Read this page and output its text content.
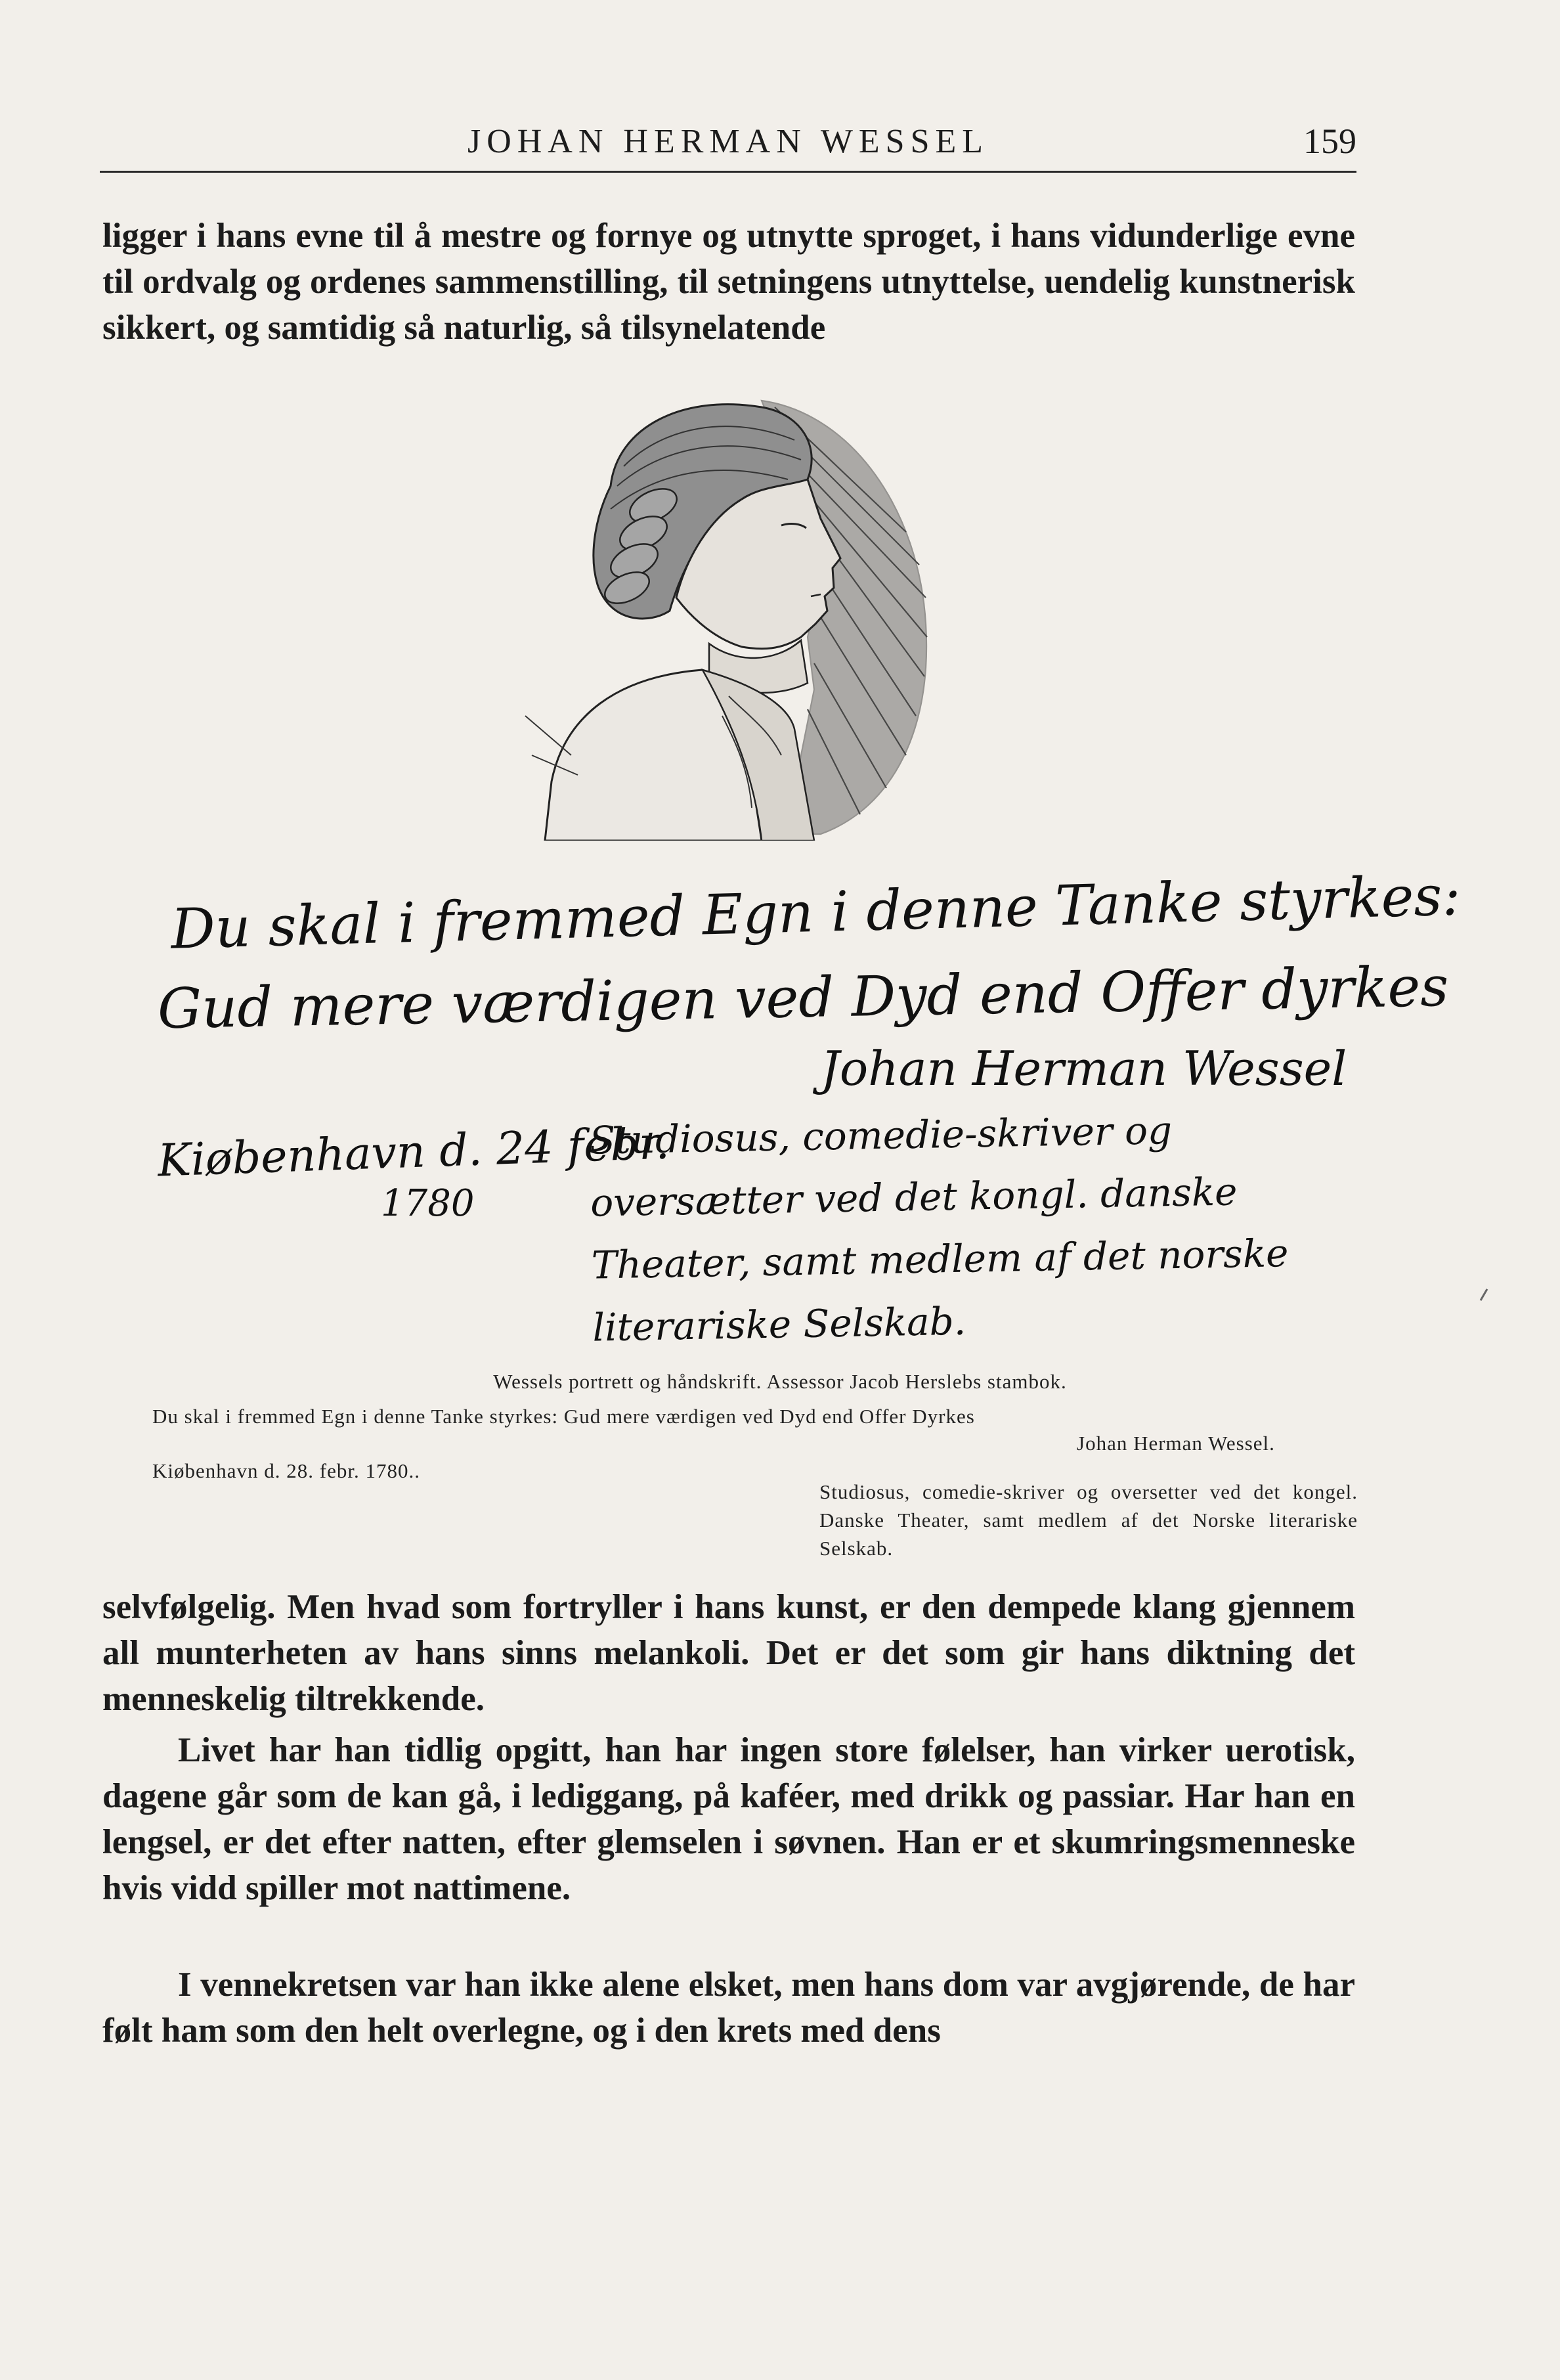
JOHAN HERMAN WESSEL	159

ligger i hans evne til å mestre og fornye og utnytte sproget, i hans vidunderlige evne til ordvalg og ordenes sammenstilling, til setningens utnyttelse, uendelig kunstnerisk sikkert, og samtidig så naturlig, så tilsynelatende

Du skal i fremmed Egn i denne Tanke styrkes:
Gud mere værdigen ved Dyd end Offer dyrkes
Johan Herman Wessel
Kiøbenhavn d. 24 febr.
1780
Studiosus, comedie-skriver og oversætter ved det kongl. danske Theater, samt medlem af det norske literariske Selskab.
Wessels portrett og håndskrift. Assessor Jacob Herslebs stambok.
Du skal i fremmed Egn i denne Tanke styrkes: Gud mere værdigen ved Dyd end Offer Dyrkes
Johan Herman Wessel.
Kiøbenhavn d. 28. febr. 1780..
Studiosus, comedie-skriver og oversetter ved det kongel. Danske Theater, samt medlem af det Norske literariske Selskab.

selvfølgelig. Men hvad som fortryller i hans kunst, er den dempede klang gjennem all munterheten av hans sinns melankoli. Det er det som gir hans diktning det menneskelig tiltrekkende.

Livet har han tidlig opgitt, han har ingen store følelser, han virker uerotisk, dagene går som de kan gå, i lediggang, på kaféer, med drikk og passiar. Har han en lengsel, er det efter natten, efter glemselen i søvnen. Han er et skumringsmenneske hvis vidd spiller mot nattimene.

I vennekretsen var han ikke alene elsket, men hans dom var avgjørende, de har følt ham som den helt overlegne, og i den krets med dens
